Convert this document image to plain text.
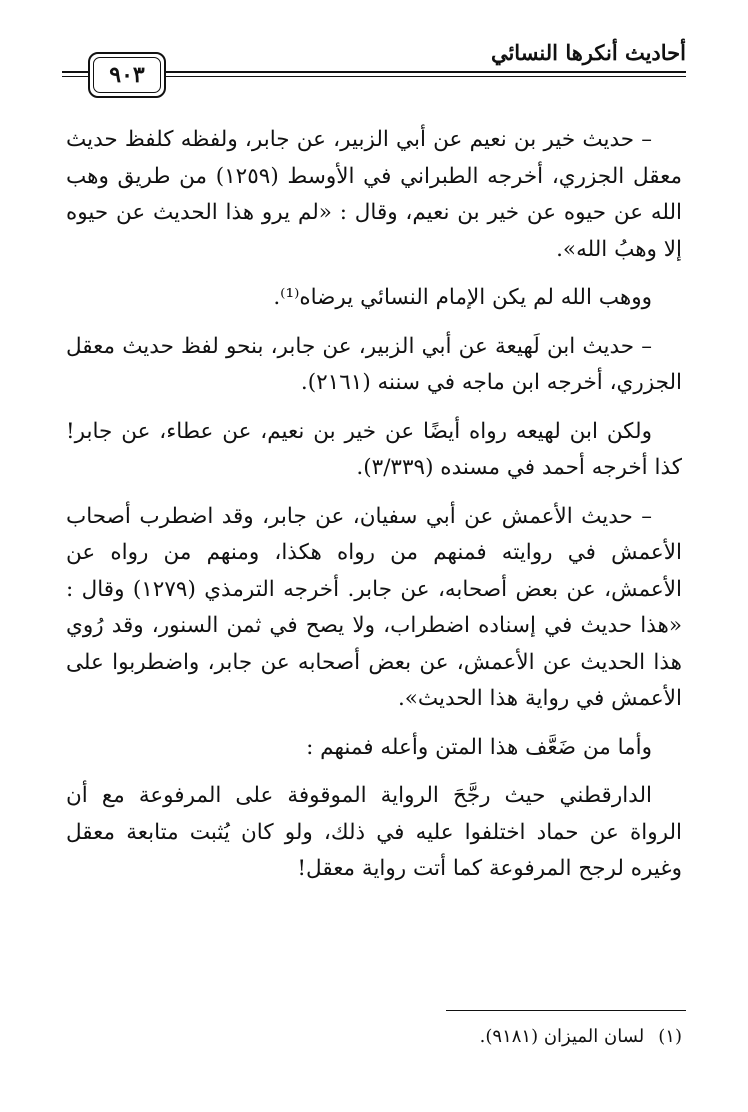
أحاديث أنكرها النسائي
٩٠٣

– حديث خير بن نعيم عن أبي الزبير، عن جابر، ولفظه كلفظ حديث معقل الجزري، أخرجه الطبراني في الأوسط (١٢٥٩) من طريق وهب الله عن حيوه عن خير بن نعيم، وقال : «لم يرو هذا الحديث عن حيوه إلا وهبُ الله».

ووهب الله لم يكن الإمام النسائي يرضاه⁽¹⁾.

– حديث ابن لَهيعة عن أبي الزبير، عن جابر، بنحو لفظ حديث معقل الجزري، أخرجه ابن ماجه في سننه (٢١٦١).

ولكن ابن لهيعه رواه أيضًا عن خير بن نعيم، عن عطاء، عن جابر! كذا أخرجه أحمد في مسنده (٣/٣٣٩).

– حديث الأعمش عن أبي سفيان، عن جابر، وقد اضطرب أصحاب الأعمش في روايته فمنهم من رواه هكذا، ومنهم من رواه عن الأعمش، عن بعض أصحابه، عن جابر. أخرجه الترمذي (١٢٧٩) وقال : «هذا حديث في إسناده اضطراب، ولا يصح في ثمن السنور، وقد رُوي هذا الحديث عن الأعمش، عن بعض أصحابه عن جابر، واضطربوا على الأعمش في رواية هذا الحديث».

وأما من ضَعَّف هذا المتن وأعله فمنهم :

الدارقطني حيث رجَّحَ الرواية الموقوفة على المرفوعة مع أن الرواة عن حماد اختلفوا عليه في ذلك، ولو كان يُثبت متابعة معقل وغيره لرجح المرفوعة كما أتت رواية معقل!

(١)لسان الميزان (٩١٨١).
